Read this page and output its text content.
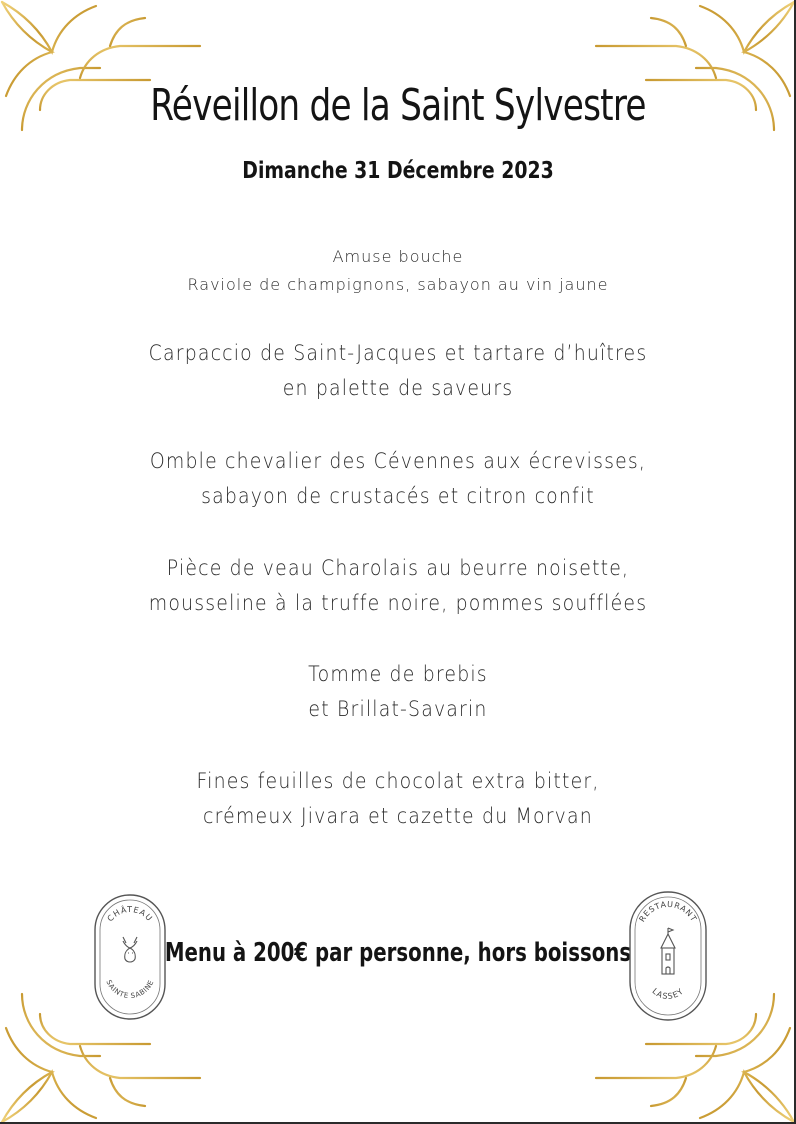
Réveillon de la Saint Sylvestre
Dimanche 31 Décembre 2023
Amuse bouche
Raviole de champignons, sabayon au vin jaune
Carpaccio de Saint-Jacques et tartare d’huîtres
en palette de saveurs
Omble chevalier des Cévennes aux écrevisses,
sabayon de crustacés et citron confit
Pièce de veau Charolais au beurre noisette,
mousseline à la truffe noire, pommes soufflées
Tomme de brebis
et Brillat-Savarin
Fines feuilles de chocolat extra bitter,
crémeux Jivara et cazette du Morvan
Menu à 200€ par personne, hors boissons
CHÂTEAU
SAINTE SABINE
RESTAURANT
LASSEY
